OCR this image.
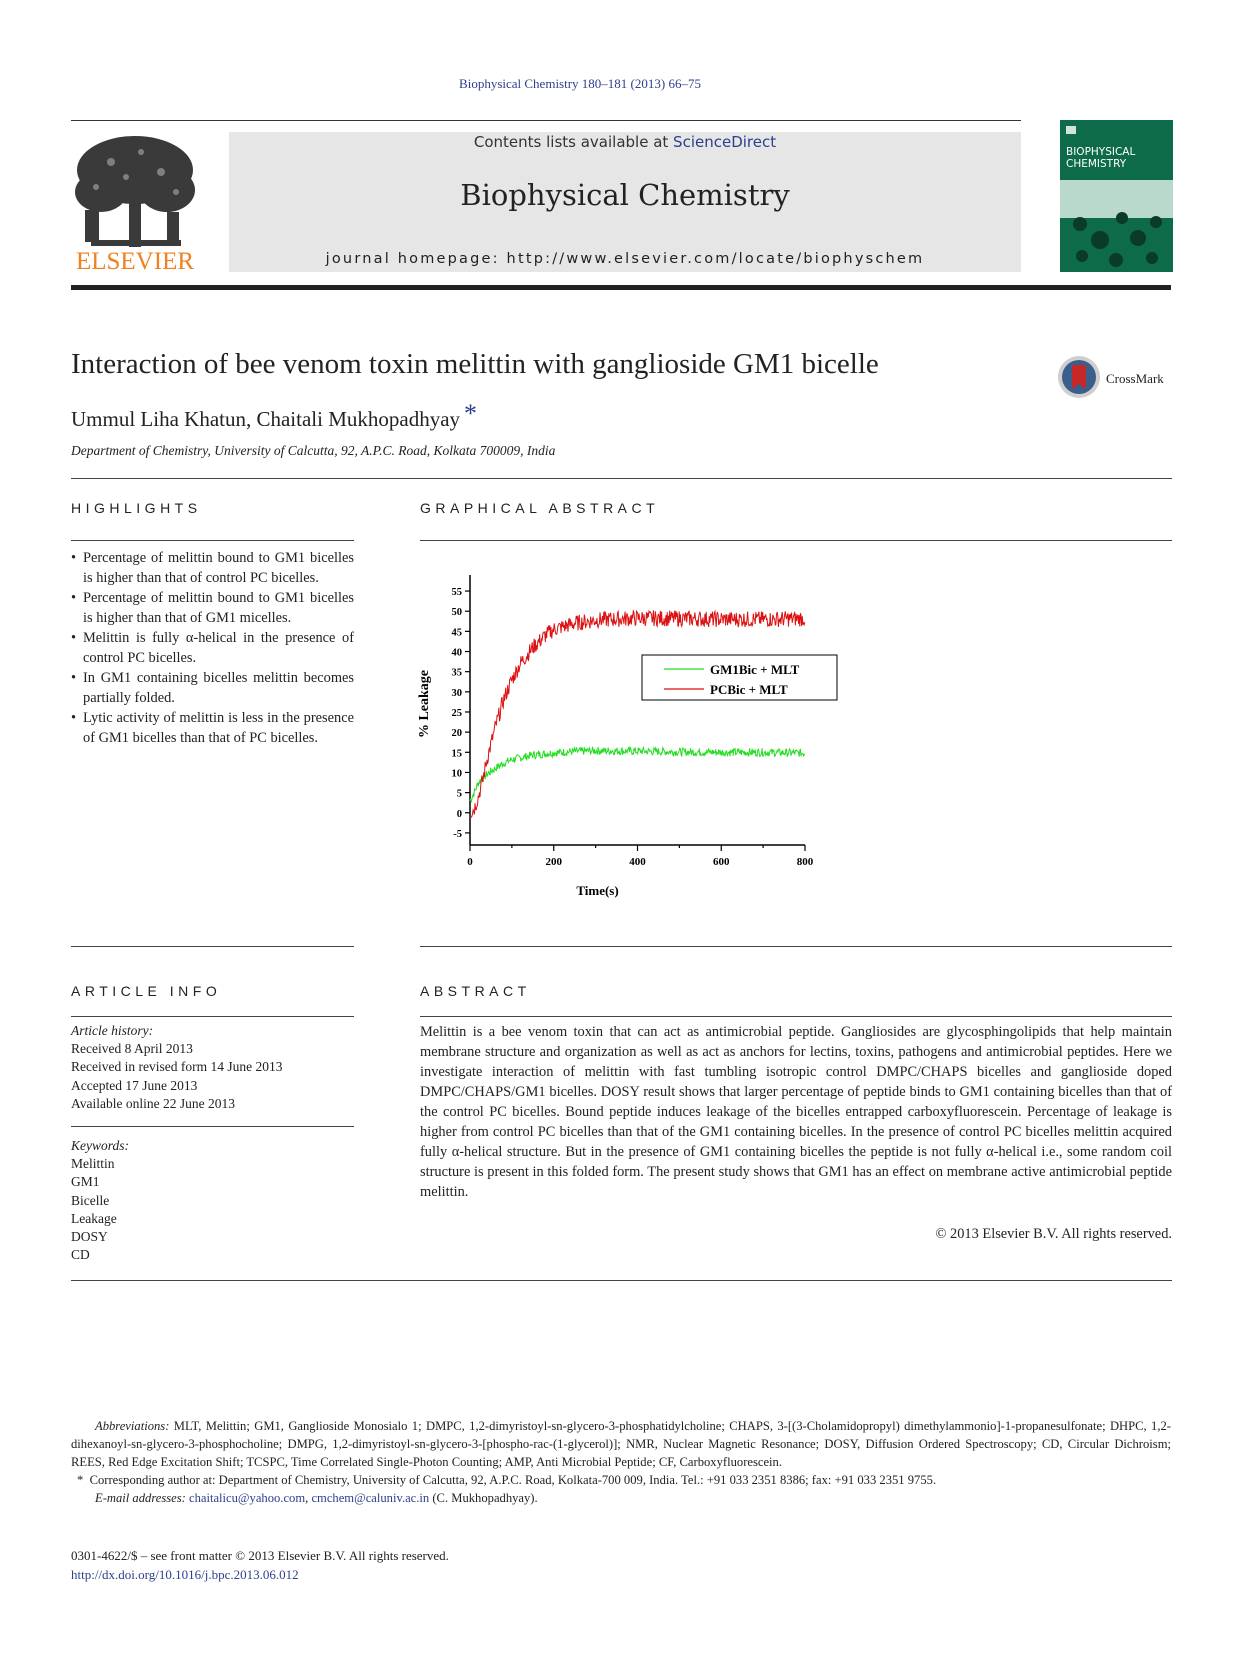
Biophysical Chemistry 180–181 (2013) 66–75
ELSEVIER
Contents lists available at ScienceDirect
Biophysical Chemistry
journal homepage: http://www.elsevier.com/locate/biophyschem
BIOPHYSICAL
CHEMISTRY
Interaction of bee venom toxin melittin with ganglioside GM1 bicelle	CrossMark
Ummul Liha Khatun, Chaitali Mukhopadhyay *
Department of Chemistry, University of Calcutta, 92, A.P.C. Road, Kolkata 700009, India
HIGHLIGHTS
• Percentage of melittin bound to GM1 bicelles is higher than that of control PC bicelles.
• Percentage of melittin bound to GM1 bicelles is higher than that of GM1 micelles.
• Melittin is fully α-helical in the presence of control PC bicelles.
• In GM1 containing bicelles melittin becomes partially folded.
• Lytic activity of melittin is less in the presence of GM1 bicelles than that of PC bicelles.
GRAPHICAL ABSTRACT
-5
0
5
10
15
20
25
30
35
40
45
50
55
0	200	400	600	800
Time(s)
% Leakage
GM1Bic + MLT
PCBic + MLT
ARTICLE INFO
Article history:
Received 8 April 2013
Received in revised form 14 June 2013
Accepted 17 June 2013
Available online 22 June 2013
Keywords:
Melittin
GM1
Bicelle
Leakage
DOSY
CD
ABSTRACT
Melittin is a bee venom toxin that can act as antimicrobial peptide. Gangliosides are glycosphingolipids that help maintain membrane structure and organization as well as act as anchors for lectins, toxins, pathogens and antimicrobial peptides. Here we investigate interaction of melittin with fast tumbling isotropic control DMPC/CHAPS bicelles and ganglioside doped DMPC/CHAPS/GM1 bicelles. DOSY result shows that larger percentage of peptide binds to GM1 containing bicelles than that of the control PC bicelles. Bound peptide induces leakage of the bicelles entrapped carboxyfluorescein. Percentage of leakage is higher from control PC bicelles than that of the GM1 containing bicelles. In the presence of control PC bicelles melittin acquired fully α-helical structure. But in the presence of GM1 containing bicelles the peptide is not fully α-helical i.e., some random coil structure is present in this folded form. The present study shows that GM1 has an effect on membrane active antimicrobial peptide melittin.
© 2013 Elsevier B.V. All rights reserved.
Abbreviations: MLT, Melittin; GM1, Ganglioside Monosialo 1; DMPC, 1,2-dimyristoyl-sn-glycero-3-phosphatidylcholine; CHAPS, 3-[(3-Cholamidopropyl) dimethylammonio]-1-propanesulfonate; DHPC, 1,2-dihexanoyl-sn-glycero-3-phosphocholine; DMPG, 1,2-dimyristoyl-sn-glycero-3-[phospho-rac-(1-glycerol)]; NMR, Nuclear Magnetic Resonance; DOSY, Diffusion Ordered Spectroscopy; CD, Circular Dichroism; REES, Red Edge Excitation Shift; TCSPC, Time Correlated Single-Photon Counting; AMP, Anti Microbial Peptide; CF, Carboxyfluorescein.
* Corresponding author at: Department of Chemistry, University of Calcutta, 92, A.P.C. Road, Kolkata-700 009, India. Tel.: +91 033 2351 8386; fax: +91 033 2351 9755.
E-mail addresses: chaitalicu@yahoo.com, cmchem@caluniv.ac.in (C. Mukhopadhyay).
0301-4622/$ – see front matter © 2013 Elsevier B.V. All rights reserved.
http://dx.doi.org/10.1016/j.bpc.2013.06.012
